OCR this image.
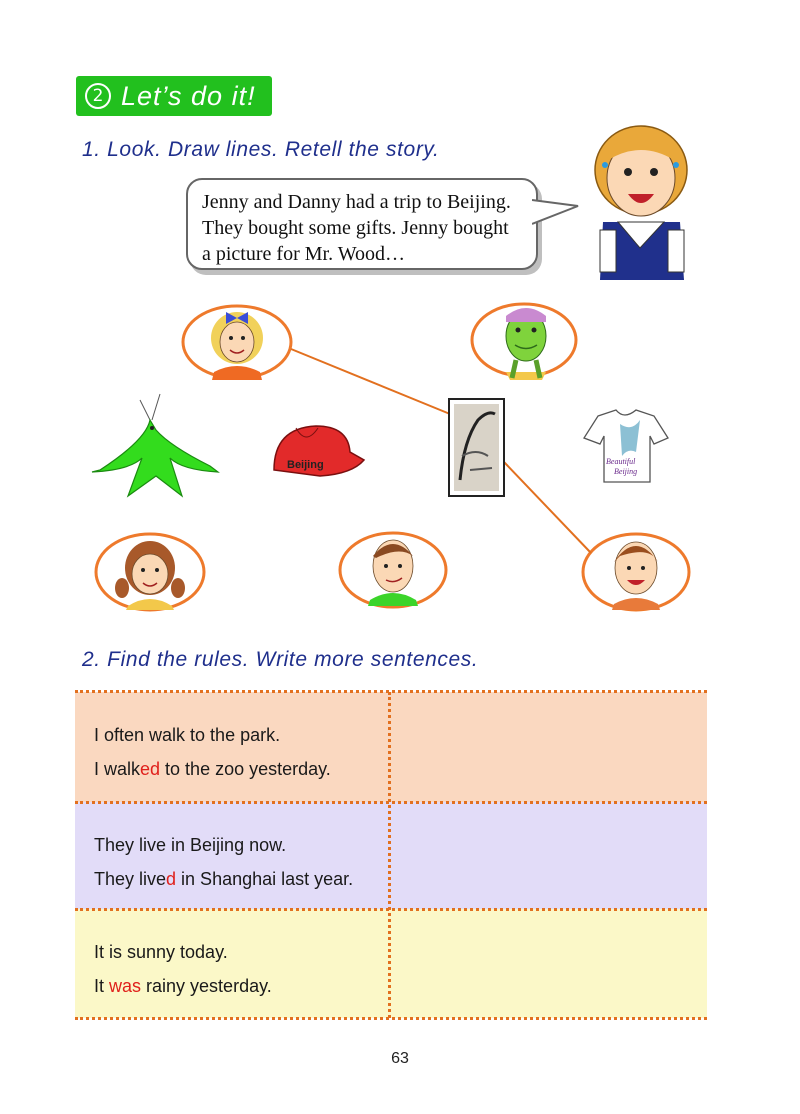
2 Let’s do it!
1. Look. Draw lines. Retell the story.
Jenny and Danny had a trip to Beijing.
They bought some gifts. Jenny bought
a picture for Mr. Wood…
Beijing	Beautiful
Beijing
2. Find the rules. Write more sentences.

I often walk to the park.

I walked to the zoo yesterday.

They live in Beijing now.

They lived in Shanghai last year.

It is sunny today.

It was rainy yesterday.

63
